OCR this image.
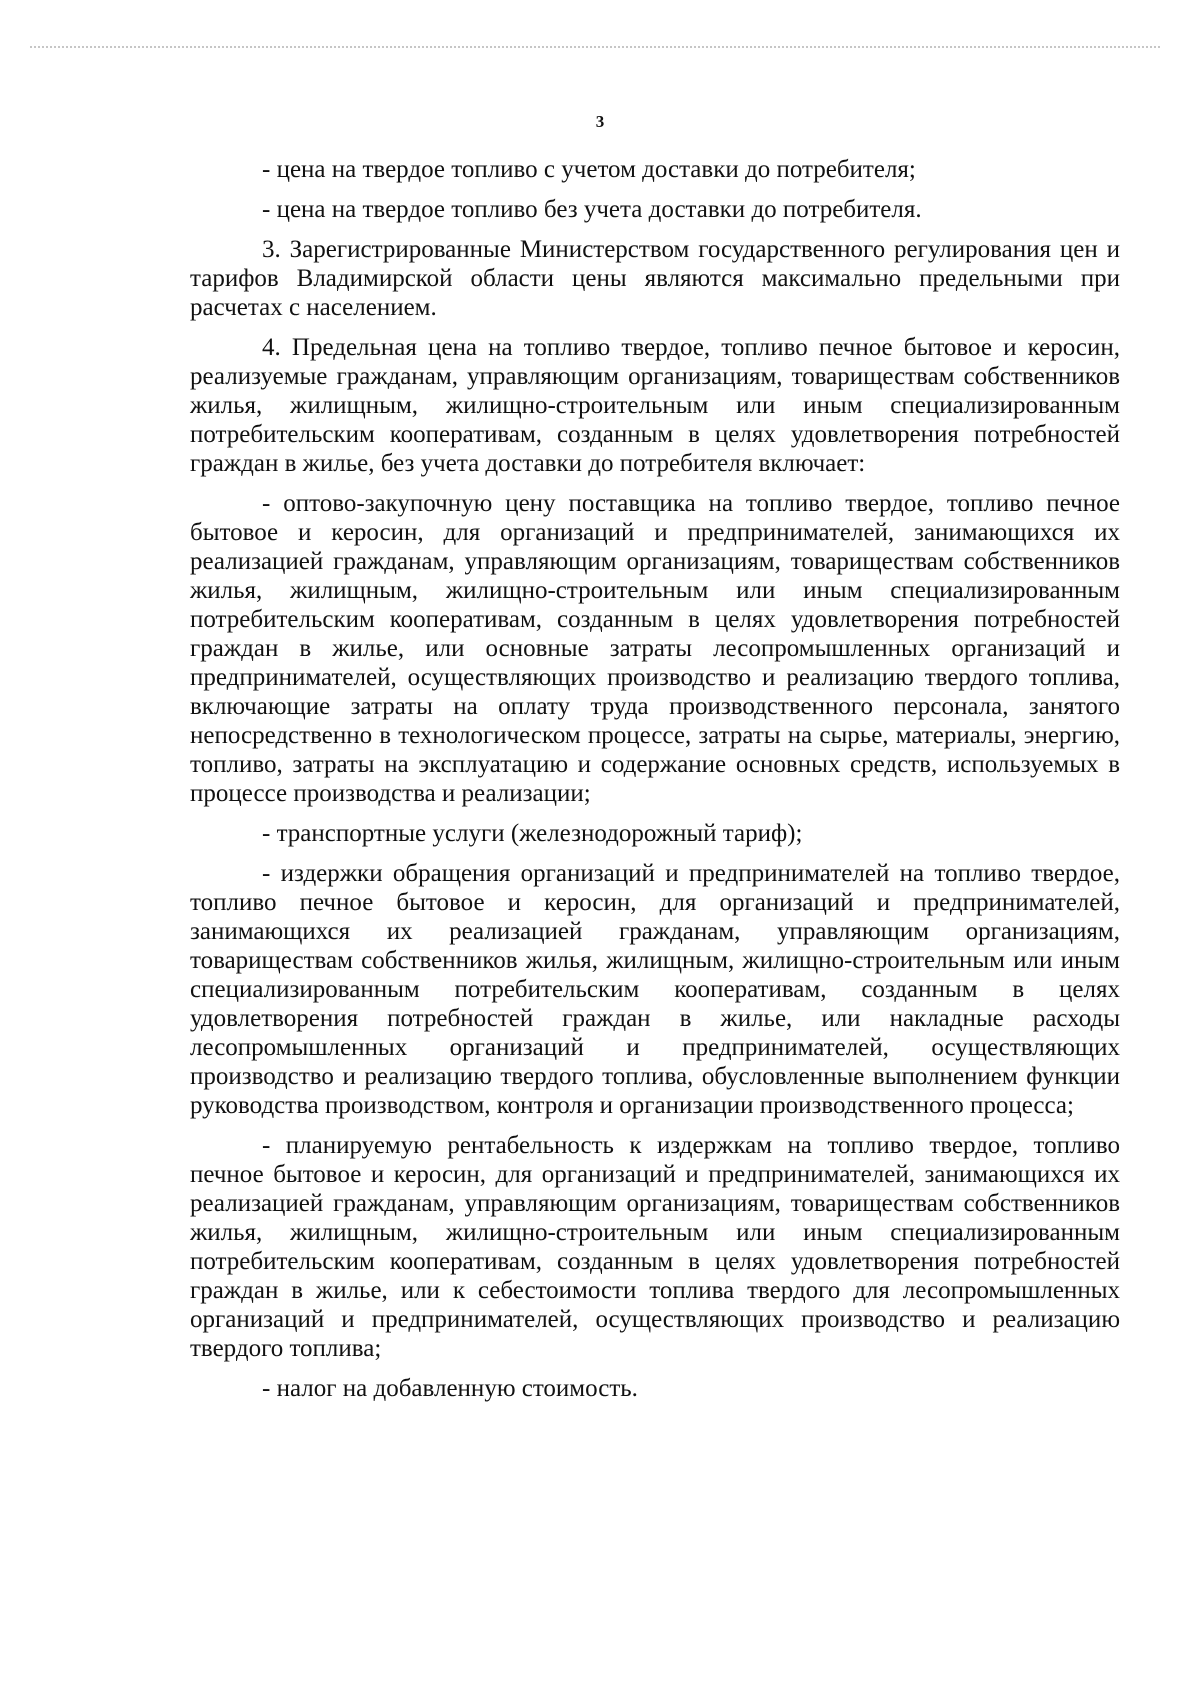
3

- цена на твердое топливо с учетом доставки до потребителя;

- цена на твердое топливо без учета доставки до потребителя.

3. Зарегистрированные Министерством государственного регулирования цен и тарифов Владимирской области цены являются максимально предельными при расчетах с населением.

4. Предельная цена на топливо твердое, топливо печное бытовое и керосин, реализуемые гражданам, управляющим организациям, товариществам собственников жилья, жилищным, жилищно-строительным или иным специализированным потребительским кооперативам, созданным в целях удовлетворения потребностей граждан в жилье, без учета доставки до потребителя включает:

- оптово-закупочную цену поставщика на топливо твердое, топливо печное бытовое и керосин, для организаций и предпринимателей, занимающихся их реализацией гражданам, управляющим организациям, товариществам собственников жилья, жилищным, жилищно-строительным или иным специализированным потребительским кооперативам, созданным в целях удовлетворения потребностей граждан в жилье, или основные затраты лесопромышленных организаций и предпринимателей, осуществляющих производство и реализацию твердого топлива, включающие затраты на оплату труда производственного персонала, занятого непосредственно в технологическом процессе, затраты на сырье, материалы, энергию, топливо, затраты на эксплуатацию и содержание основных средств, используемых в процессе производства и реализации;

- транспортные услуги (железнодорожный тариф);

- издержки обращения организаций и предпринимателей на топливо твердое, топливо печное бытовое и керосин, для организаций и предпринимателей, занимающихся их реализацией гражданам, управляющим организациям, товариществам собственников жилья, жилищным, жилищно-строительным или иным специализированным потребительским кооперативам, созданным в целях удовлетворения потребностей граждан в жилье, или накладные расходы лесопромышленных организаций и предпринимателей, осуществляющих производство и реализацию твердого топлива, обусловленные выполнением функции руководства производством, контроля и организации производственного процесса;

- планируемую рентабельность к издержкам на топливо твердое, топливо печное бытовое и керосин, для организаций и предпринимателей, занимающихся их реализацией гражданам, управляющим организациям, товариществам собственников жилья, жилищным, жилищно-строительным или иным специализированным потребительским кооперативам, созданным в целях удовлетворения потребностей граждан в жилье, или к себестоимости топлива твердого для лесопромышленных организаций и предпринимателей, осуществляющих производство и реализацию твердого топлива;

- налог на добавленную стоимость.
